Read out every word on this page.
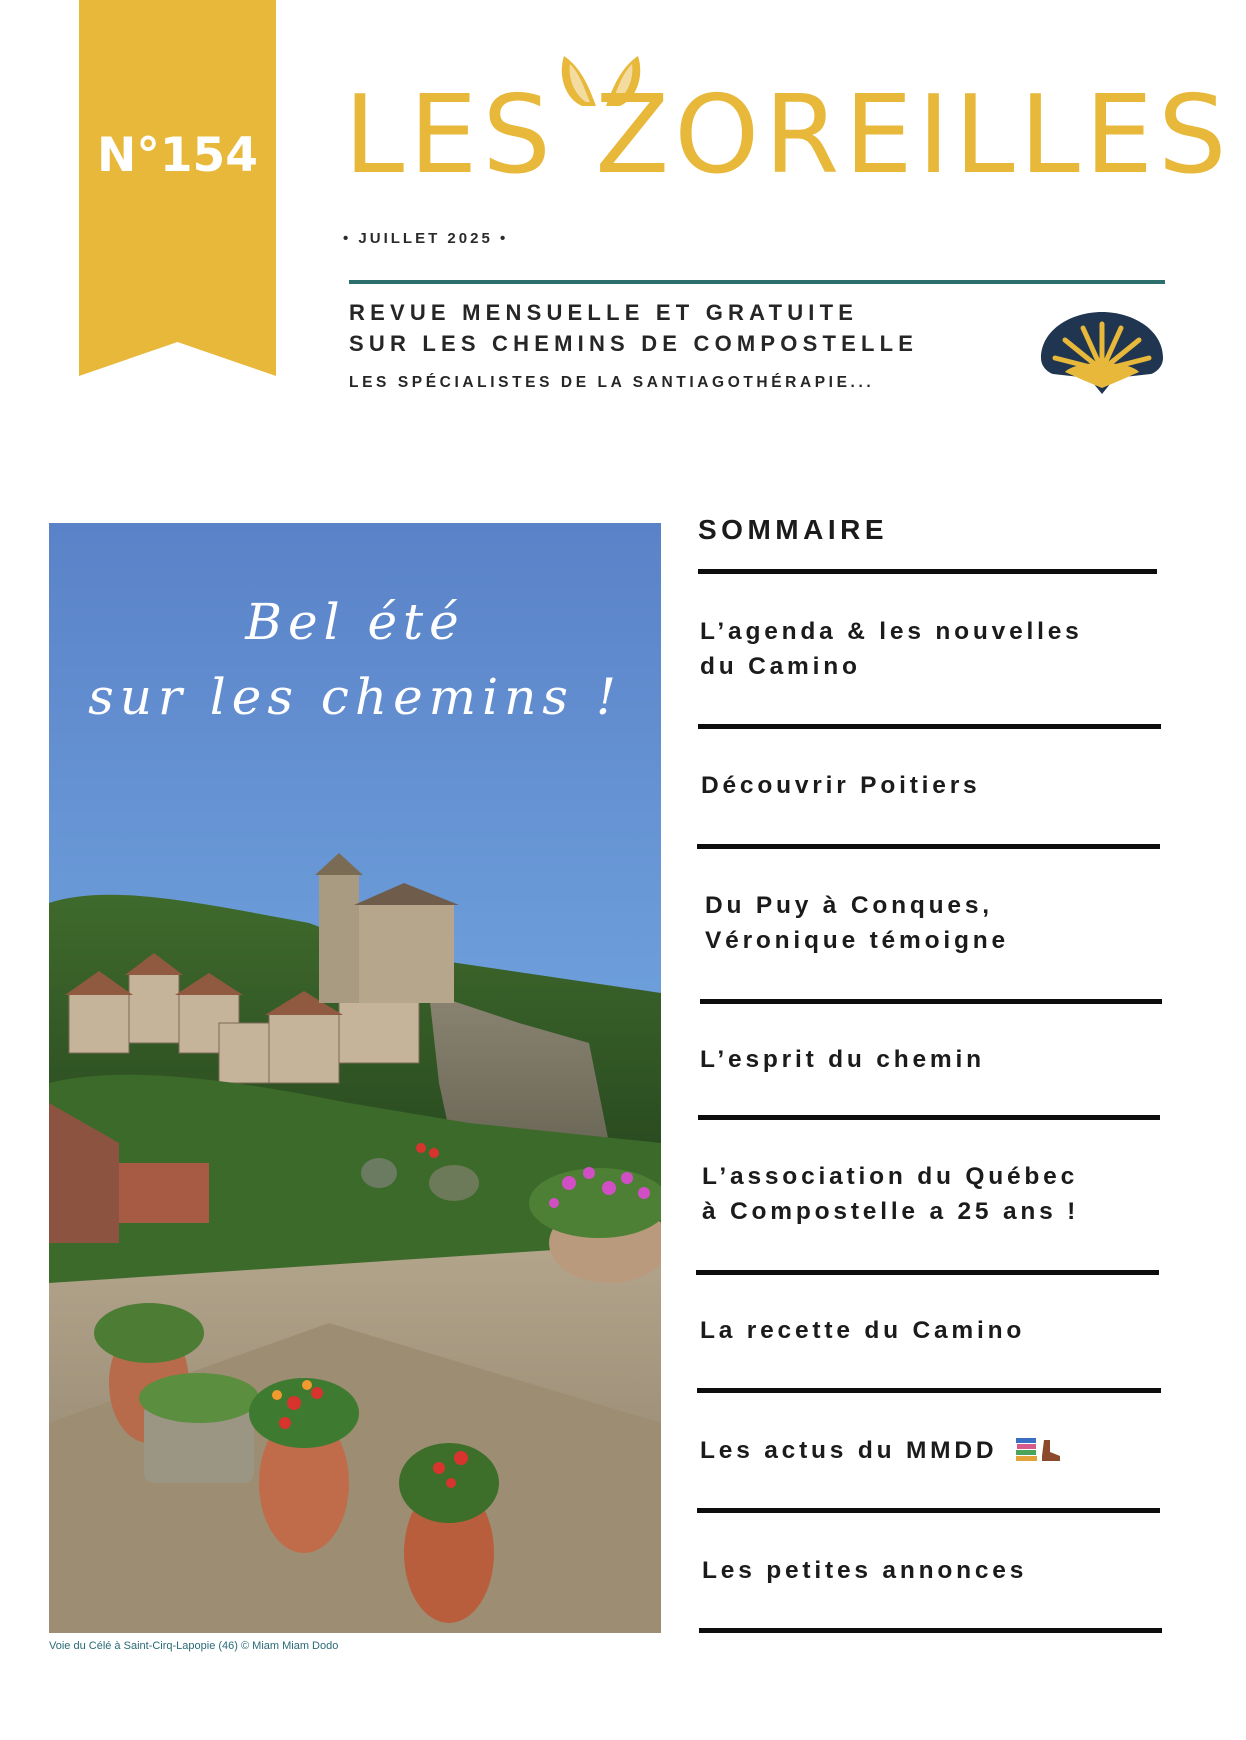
N°154 LES ZOREILLES
• JUILLET 2025 •
REVUE MENSUELLE ET GRATUITE
SUR LES CHEMINS DE COMPOSTELLE
LES SPÉCIALISTES DE LA SANTIAGOTHÉRAPIE...
Bel été
sur les chemins !
Voie du Célé à Saint-Cirq-Lapopie (46) © Miam Miam Dodo
SOMMAIRE
L’agenda & les nouvelles
du Camino
Découvrir Poitiers
Du Puy à Conques,
Véronique témoigne
L’esprit du chemin
L’association du Québec
à Compostelle a 25 ans !
La recette du Camino
Les actus du MMDD
Les petites annonces
